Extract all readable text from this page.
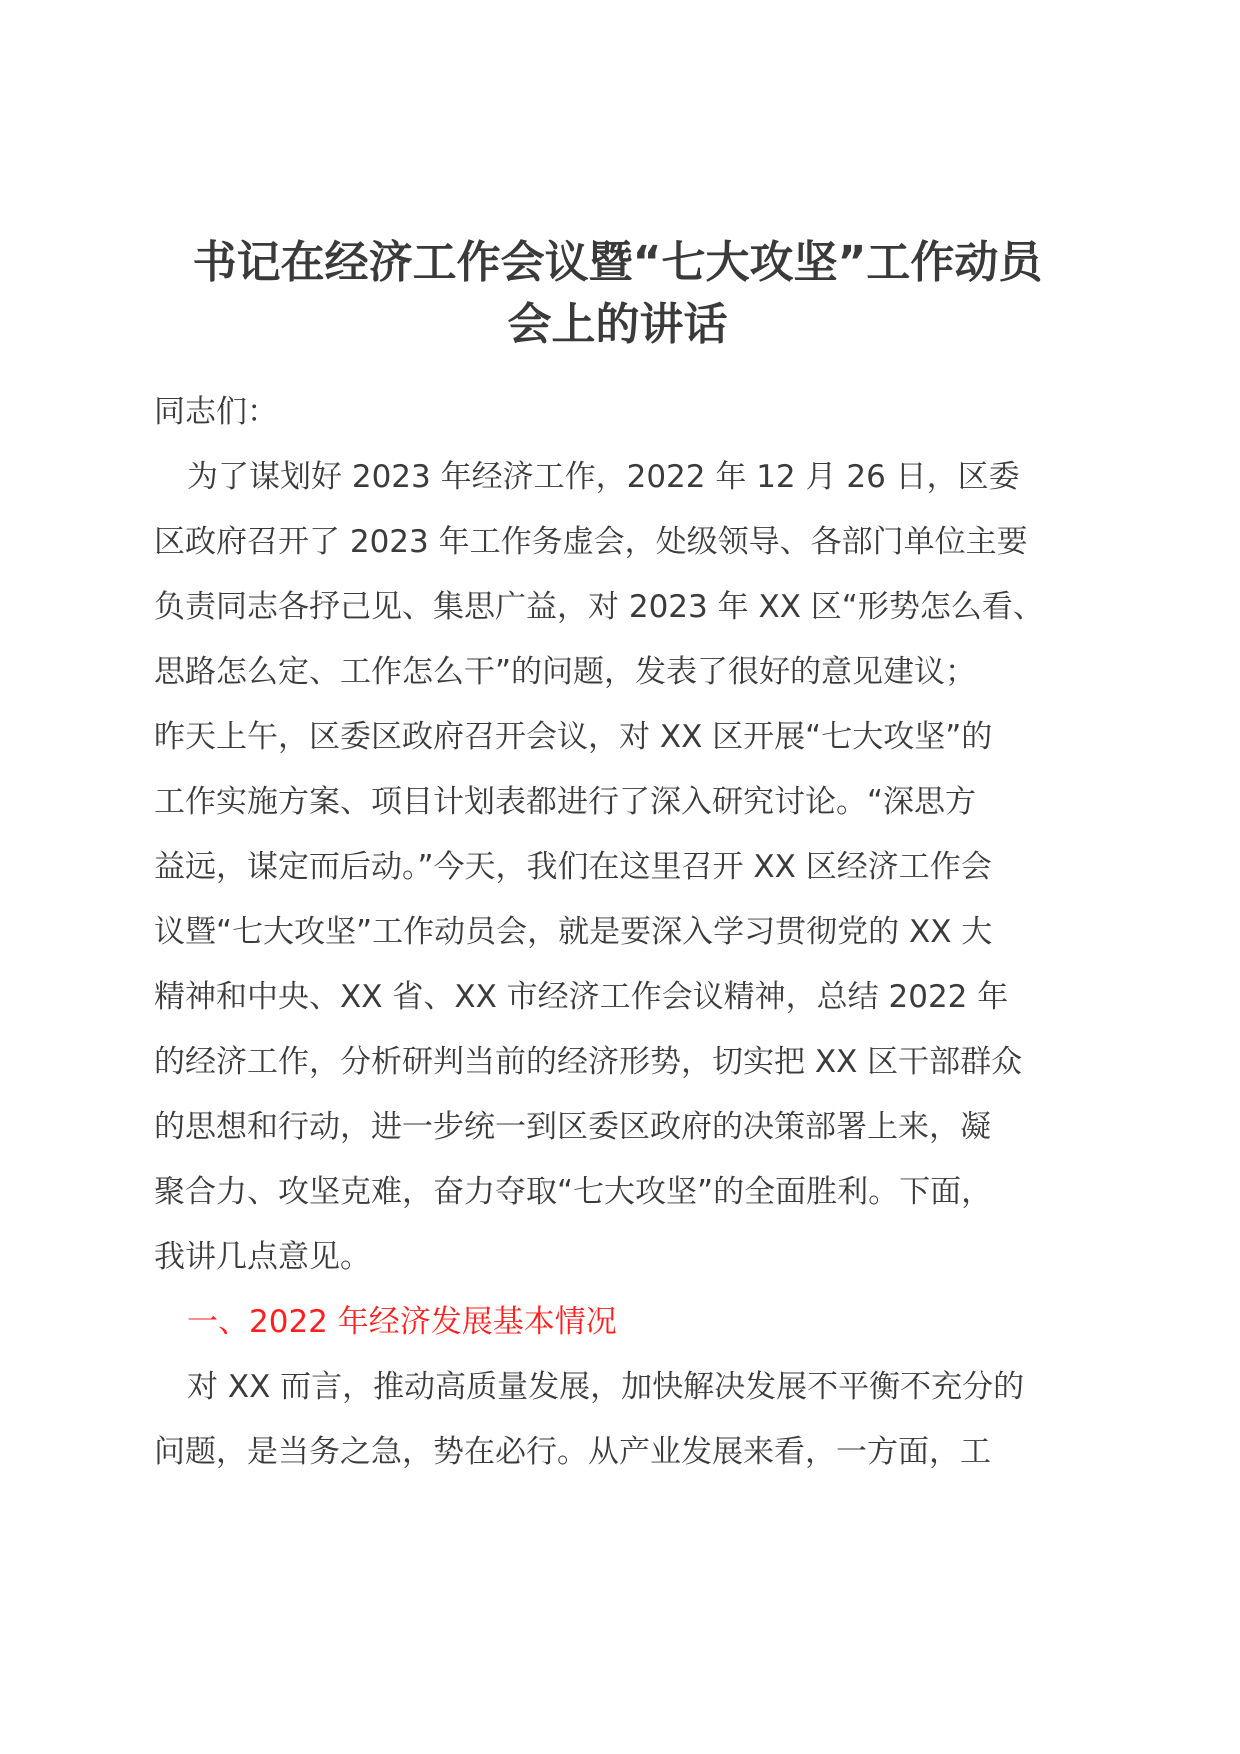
书记在经济工作会议暨“七大攻坚”工作动员
会上的讲话

同志们：

为了谋划好 2023 年经济工作，2022 年 12 月 26 日，区委
区政府召开了 2023 年工作务虚会，处级领导、各部门单位主要
负责同志各抒己见、集思广益，对 2023 年 XX 区“形势怎么看、
思路怎么定、工作怎么干”的问题，发表了很好的意见建议；
昨天上午，区委区政府召开会议，对 XX 区开展“七大攻坚”的
工作实施方案、项目计划表都进行了深入研究讨论。“深思方
益远，谋定而后动。”今天，我们在这里召开 XX 区经济工作会
议暨“七大攻坚”工作动员会，就是要深入学习贯彻党的 XX 大
精神和中央、XX 省、XX 市经济工作会议精神，总结 2022 年
的经济工作，分析研判当前的经济形势，切实把 XX 区干部群众
的思想和行动，进一步统一到区委区政府的决策部署上来，凝
聚合力、攻坚克难，奋力夺取“七大攻坚”的全面胜利。下面，
我讲几点意见。

一、2022 年经济发展基本情况

对 XX 而言，推动高质量发展，加快解决发展不平衡不充分的
问题，是当务之急，势在必行。从产业发展来看，一方面，工
